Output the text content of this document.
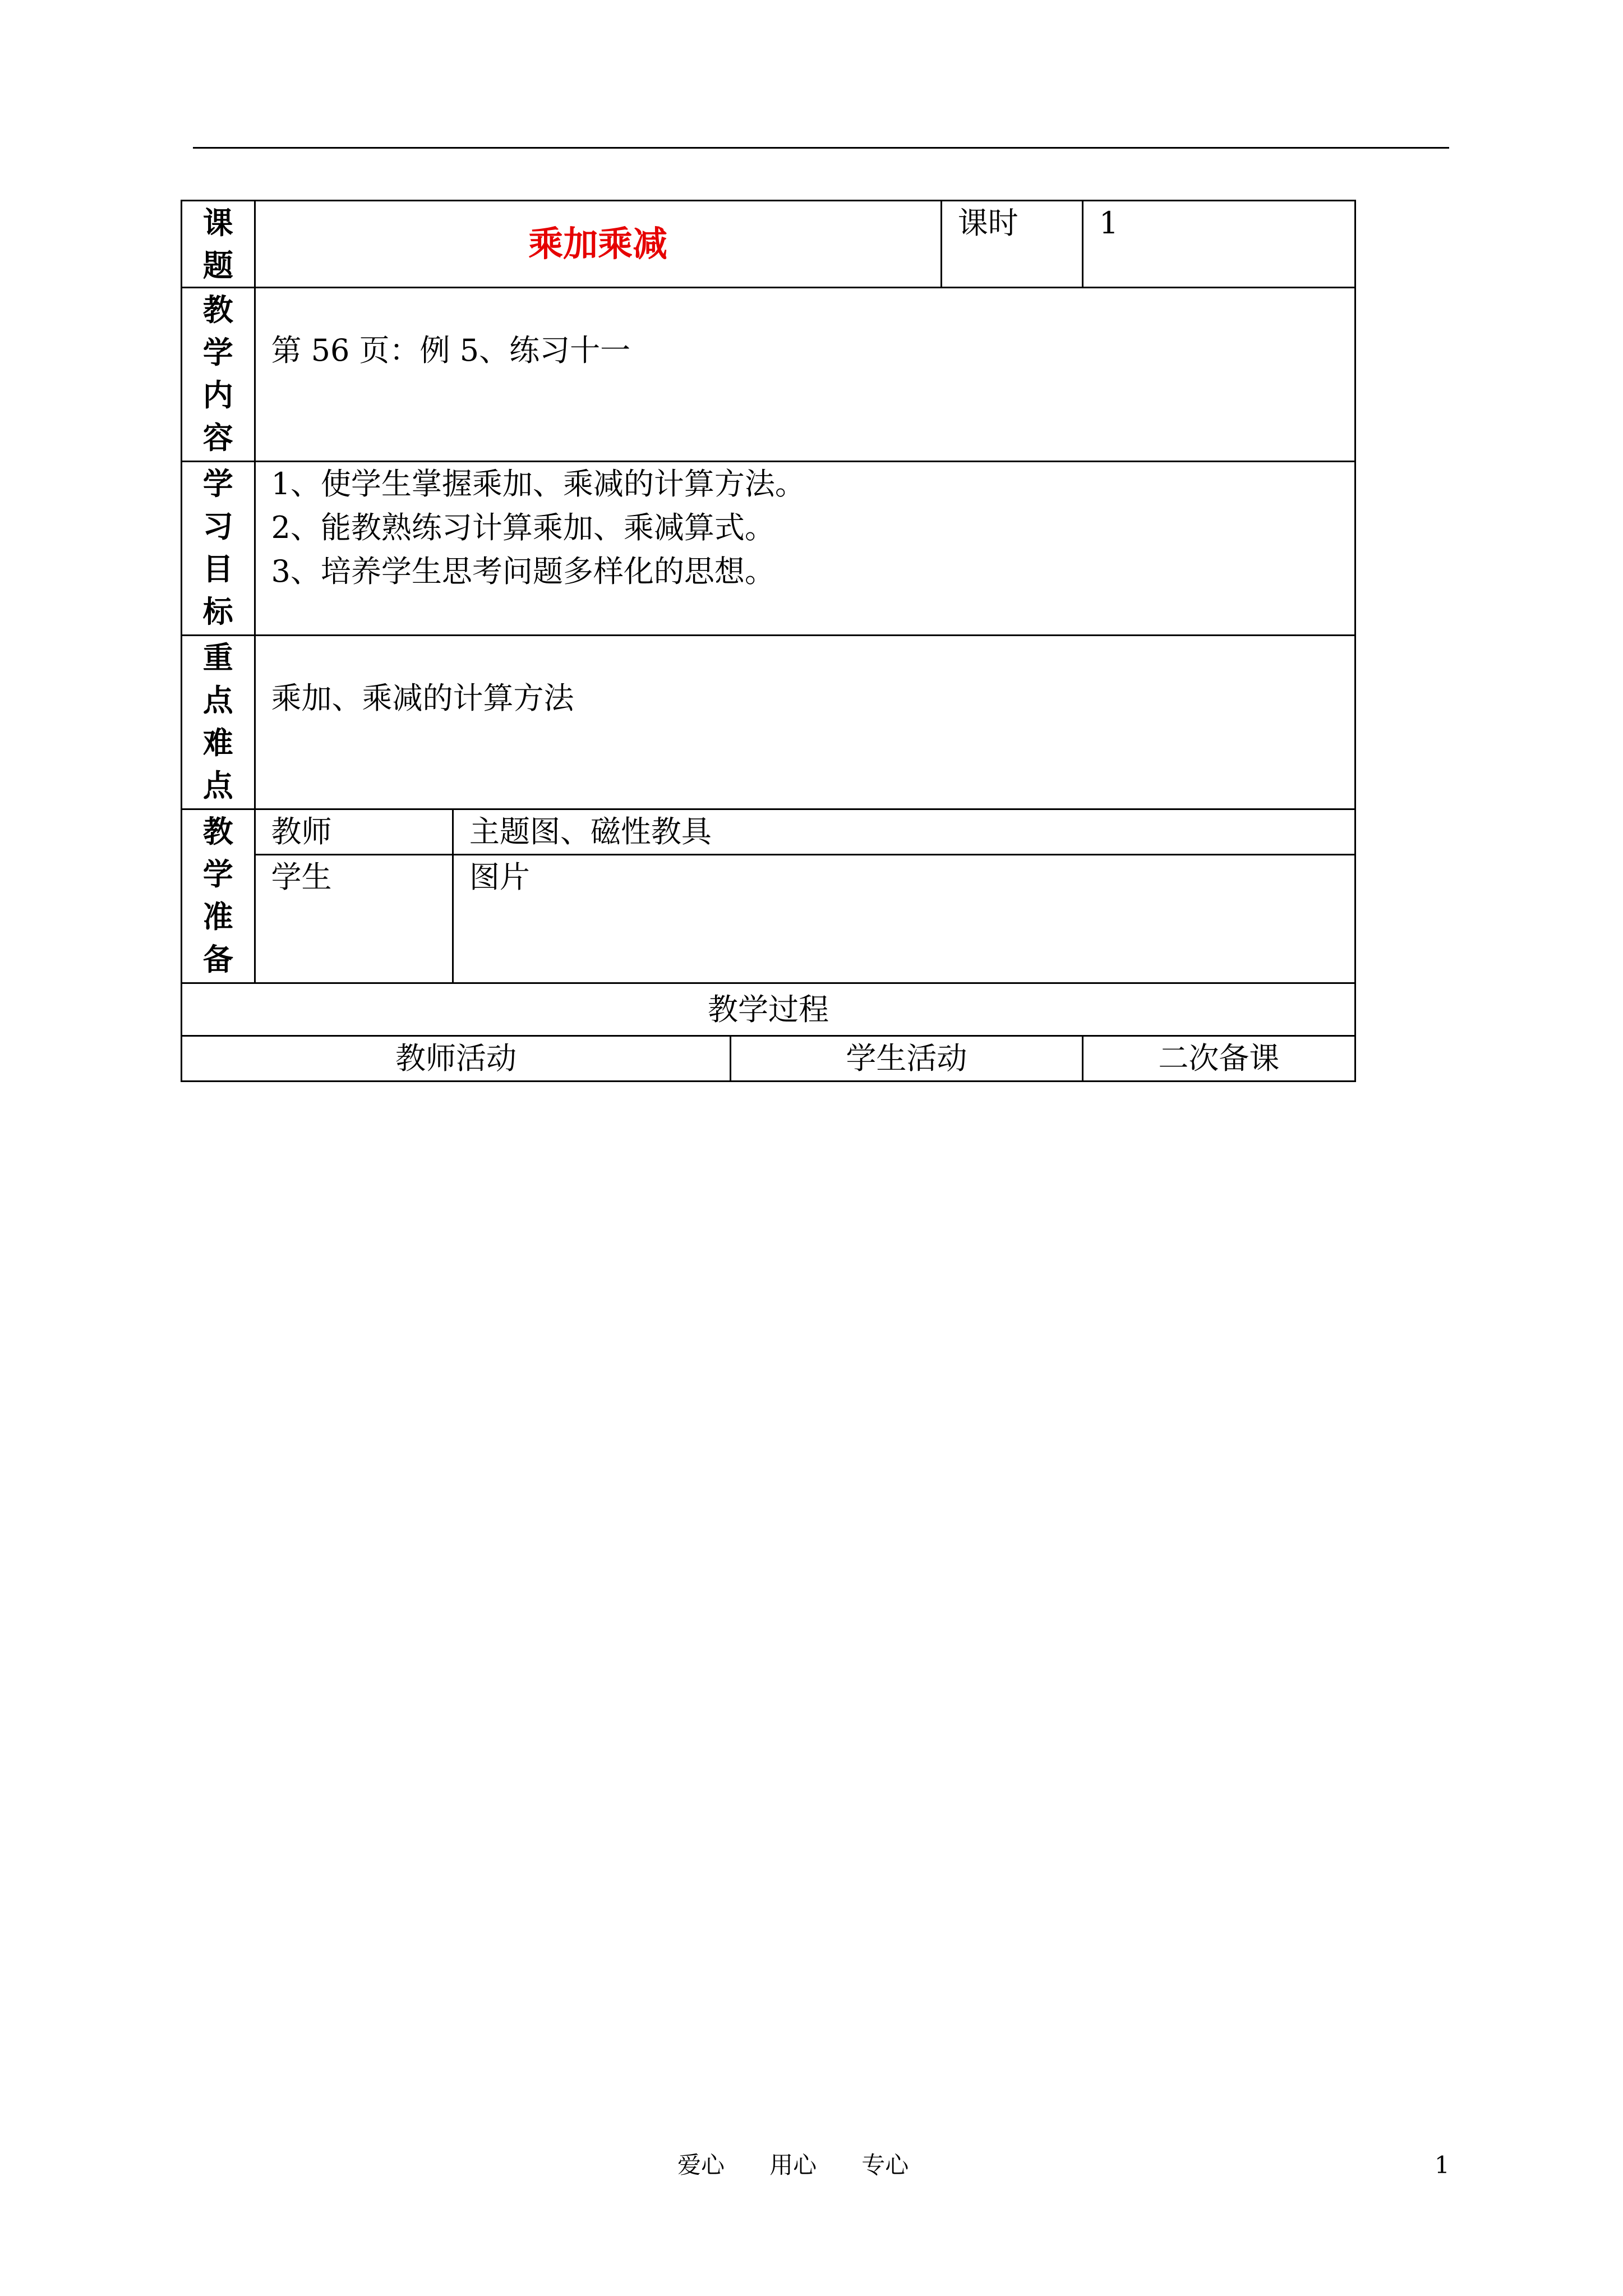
课题	乘加乘减			课时	1

教学内容	第 56 页：例 5、练习十一				

学习目标	1、使学生掌握乘加、乘减的计算方法。
2、能教熟练习计算乘加、乘减算式。
3、培养学生思考问题多样化的思想。				

重点难点	乘加、乘减的计算方法				

教学准备	教师	主题图、磁性教具			
	学生	图片			
教学过程					
教师活动			学生活动		二次备课
爱心      用心      专心	1
